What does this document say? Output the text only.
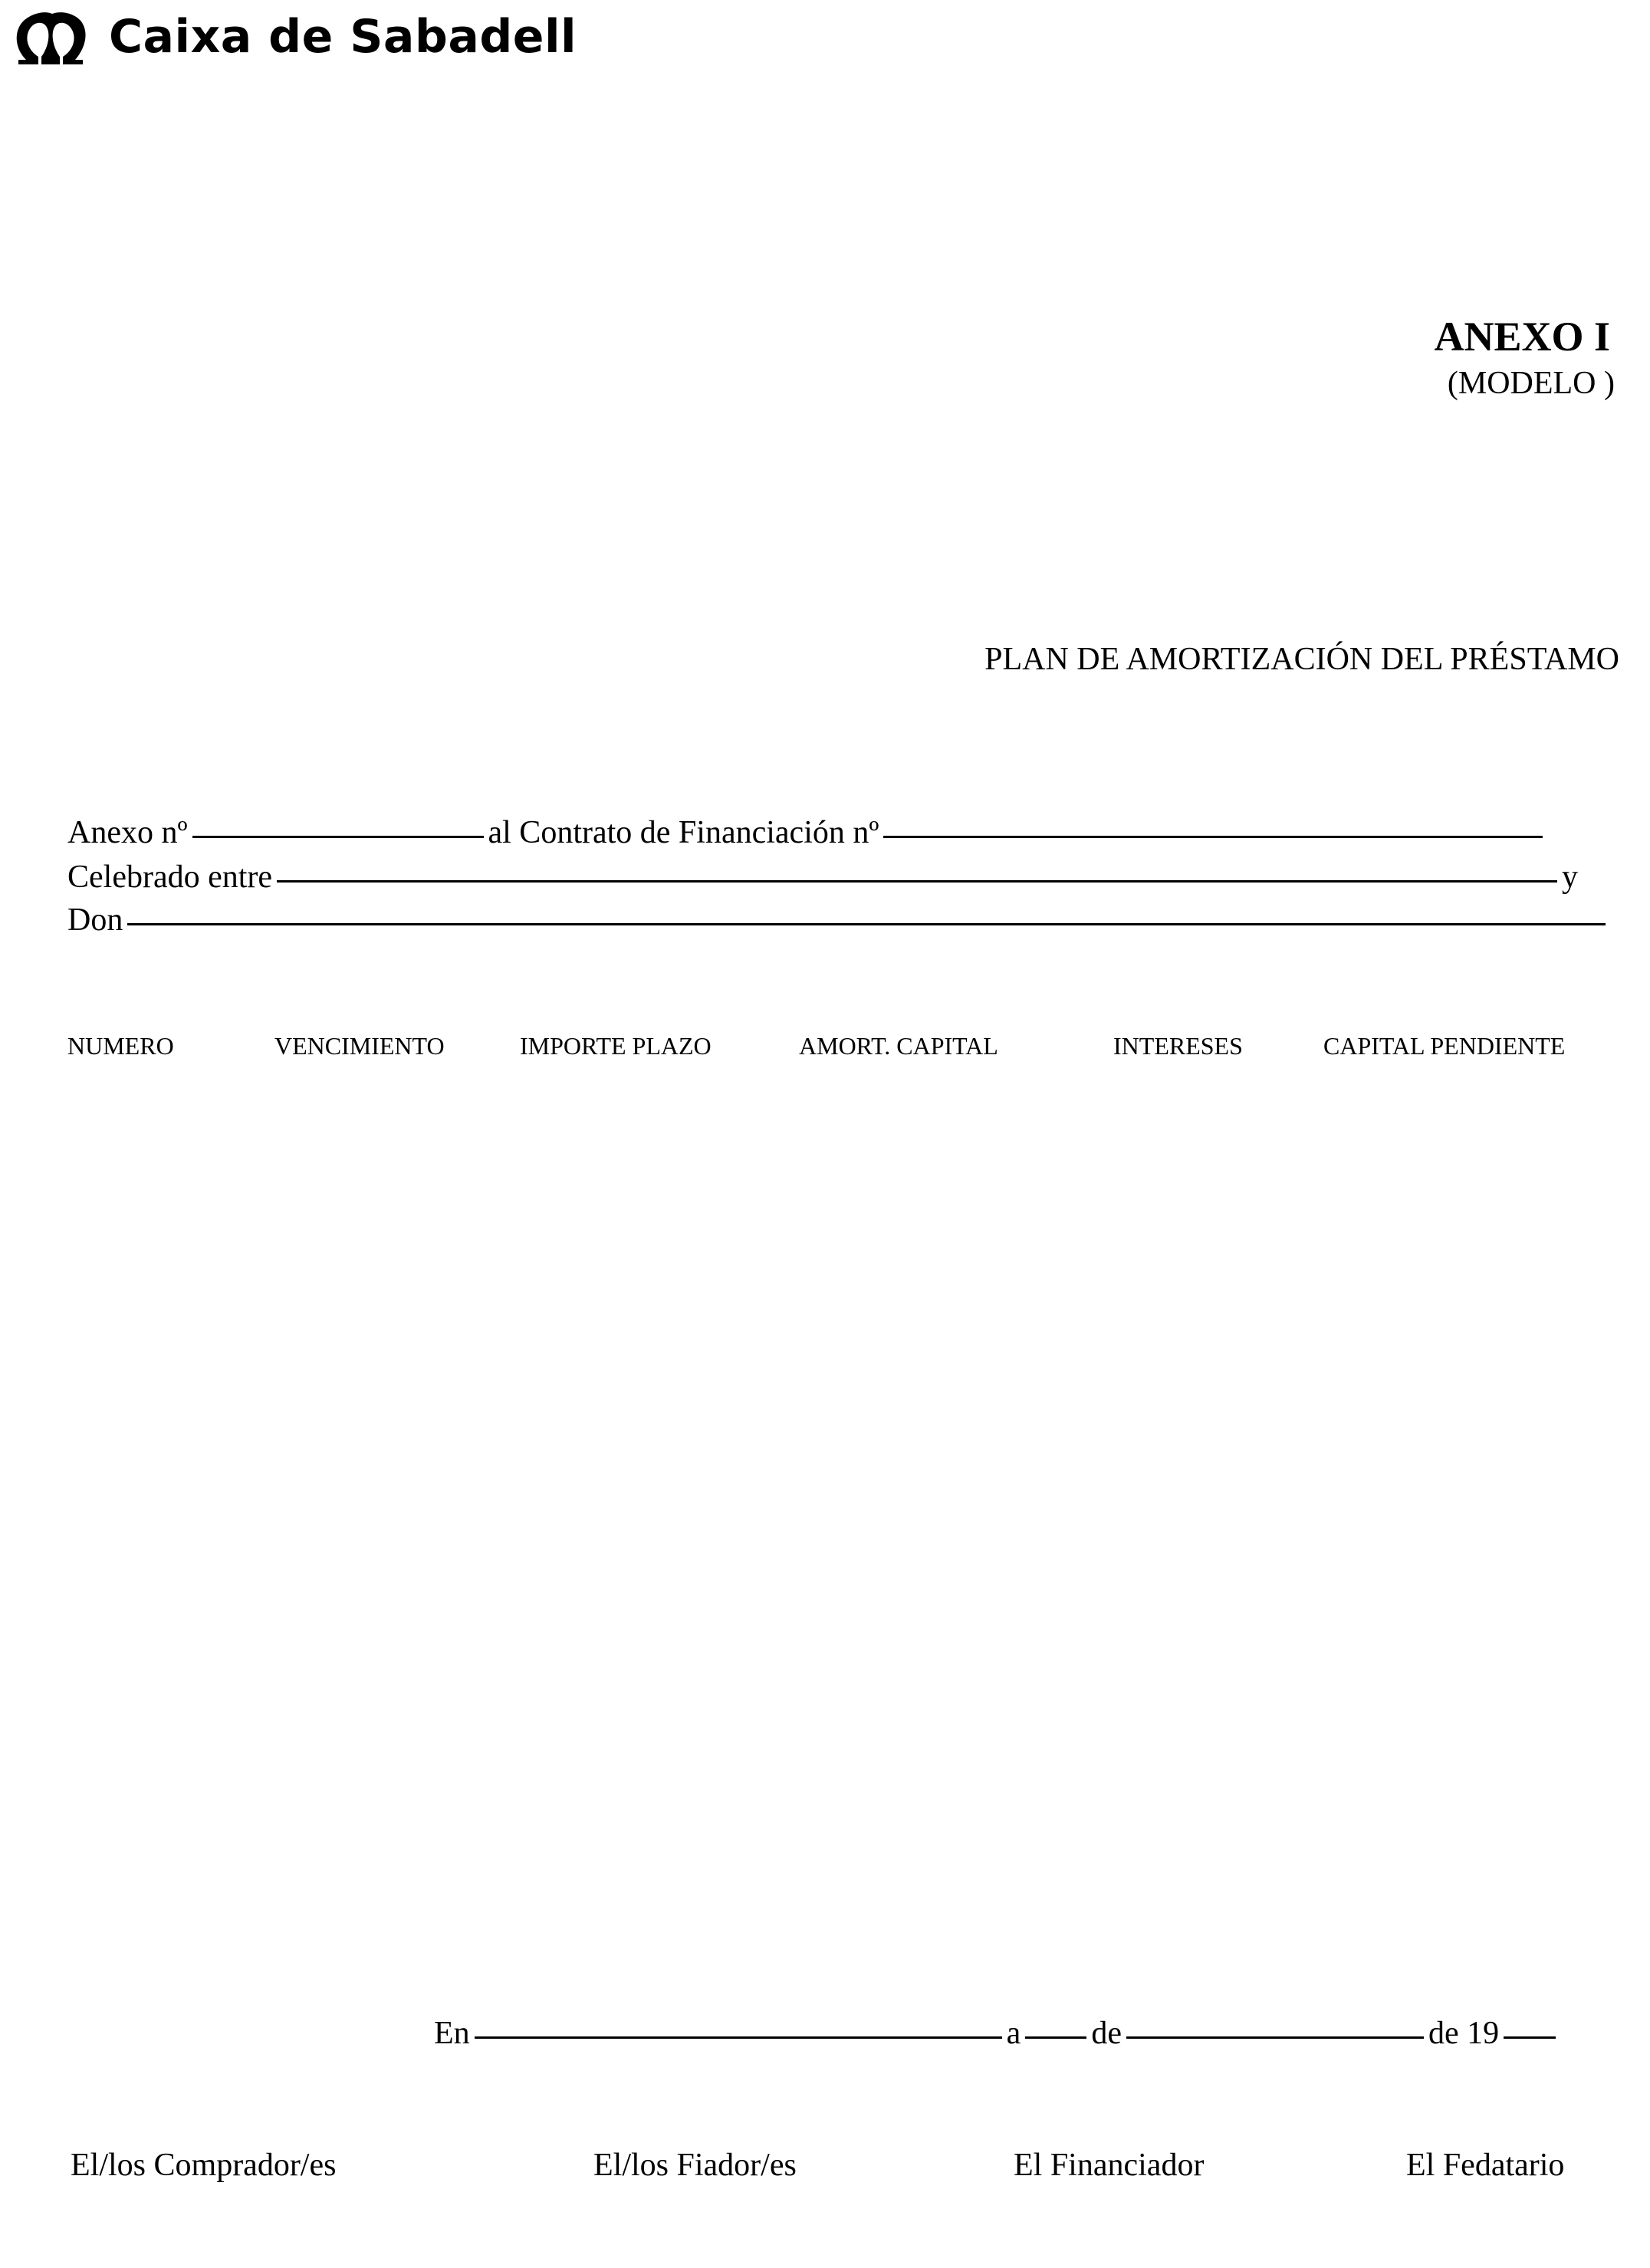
Caixa de Sabadell
ANEXO I
(MODELO )
PLAN DE AMORTIZACIÓN DEL PRÉSTAMO
Anexo nº	al Contrato de Financiación nº
Celebrado entre	y
Don
NUMERO	VENCIMIENTO	IMPORTE PLAZO	AMORT. CAPITAL	INTERESES	CAPITAL PENDIENTE
En	a de	de 19
El/los Comprador/es	El/los Fiador/es	El Financiador	El Fedatario
